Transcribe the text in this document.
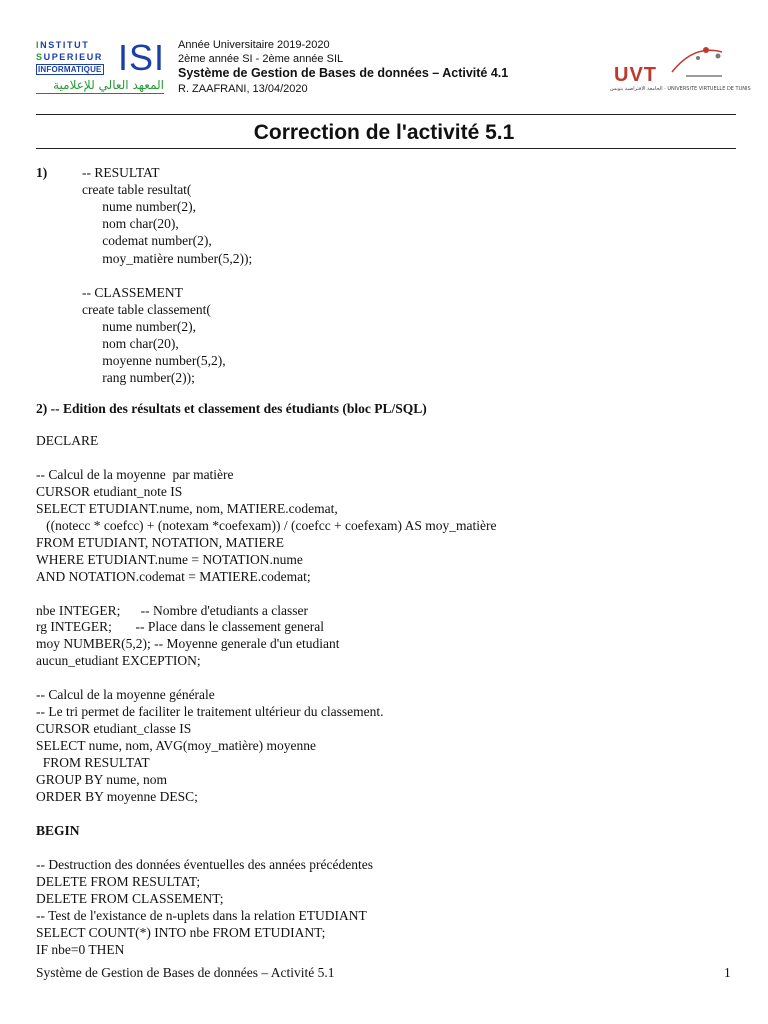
INSTITUT
SUPERIEUR
INFORMATIQUE ISI
المعهد العالي للإعلامية
Année Universitaire 2019-2020
2ème année SI - 2ème année SIL
Système de Gestion de Bases de données – Activité 4.1
R. ZAAFRANI, 13/04/2020
UVT
الجامعة الافتراضية بتونس · UNIVERSITE VIRTUELLE DE TUNIS
Correction de l'activité 5.1
1)	-- RESULTAT
create table resultat(
nume number(2),
nom char(20),
codemat number(2),
moy_matière number(5,2));
-- CLASSEMENT
create table classement(
nume number(2),
nom char(20),
moyenne number(5,2),
rang number(2));
2) -- Edition des résultats et classement des étudiants (bloc PL/SQL)
DECLARE
-- Calcul de la moyenne  par matière
CURSOR etudiant_note IS
SELECT ETUDIANT.nume, nom, MATIERE.codemat,
((notecc * coefcc) + (notexam *coefexam)) / (coefcc + coefexam) AS moy_matière
FROM ETUDIANT, NOTATION, MATIERE
WHERE ETUDIANT.nume = NOTATION.nume
AND NOTATION.codemat = MATIERE.codemat;
nbe INTEGER;      -- Nombre d'etudiants a classer
rg INTEGER;       -- Place dans le classement general
moy NUMBER(5,2); -- Moyenne generale d'un etudiant
aucun_etudiant EXCEPTION;
-- Calcul de la moyenne générale
-- Le tri permet de faciliter le traitement ultérieur du classement.
CURSOR etudiant_classe IS
SELECT nume, nom, AVG(moy_matière) moyenne
FROM RESULTAT
GROUP BY nume, nom
ORDER BY moyenne DESC;
BEGIN
-- Destruction des données éventuelles des années précédentes
DELETE FROM RESULTAT;
DELETE FROM CLASSEMENT;
-- Test de l'existance de n-uplets dans la relation ETUDIANT
SELECT COUNT(*) INTO nbe FROM ETUDIANT;
IF nbe=0 THEN
Système de Gestion de Bases de données – Activité 5.1	1
